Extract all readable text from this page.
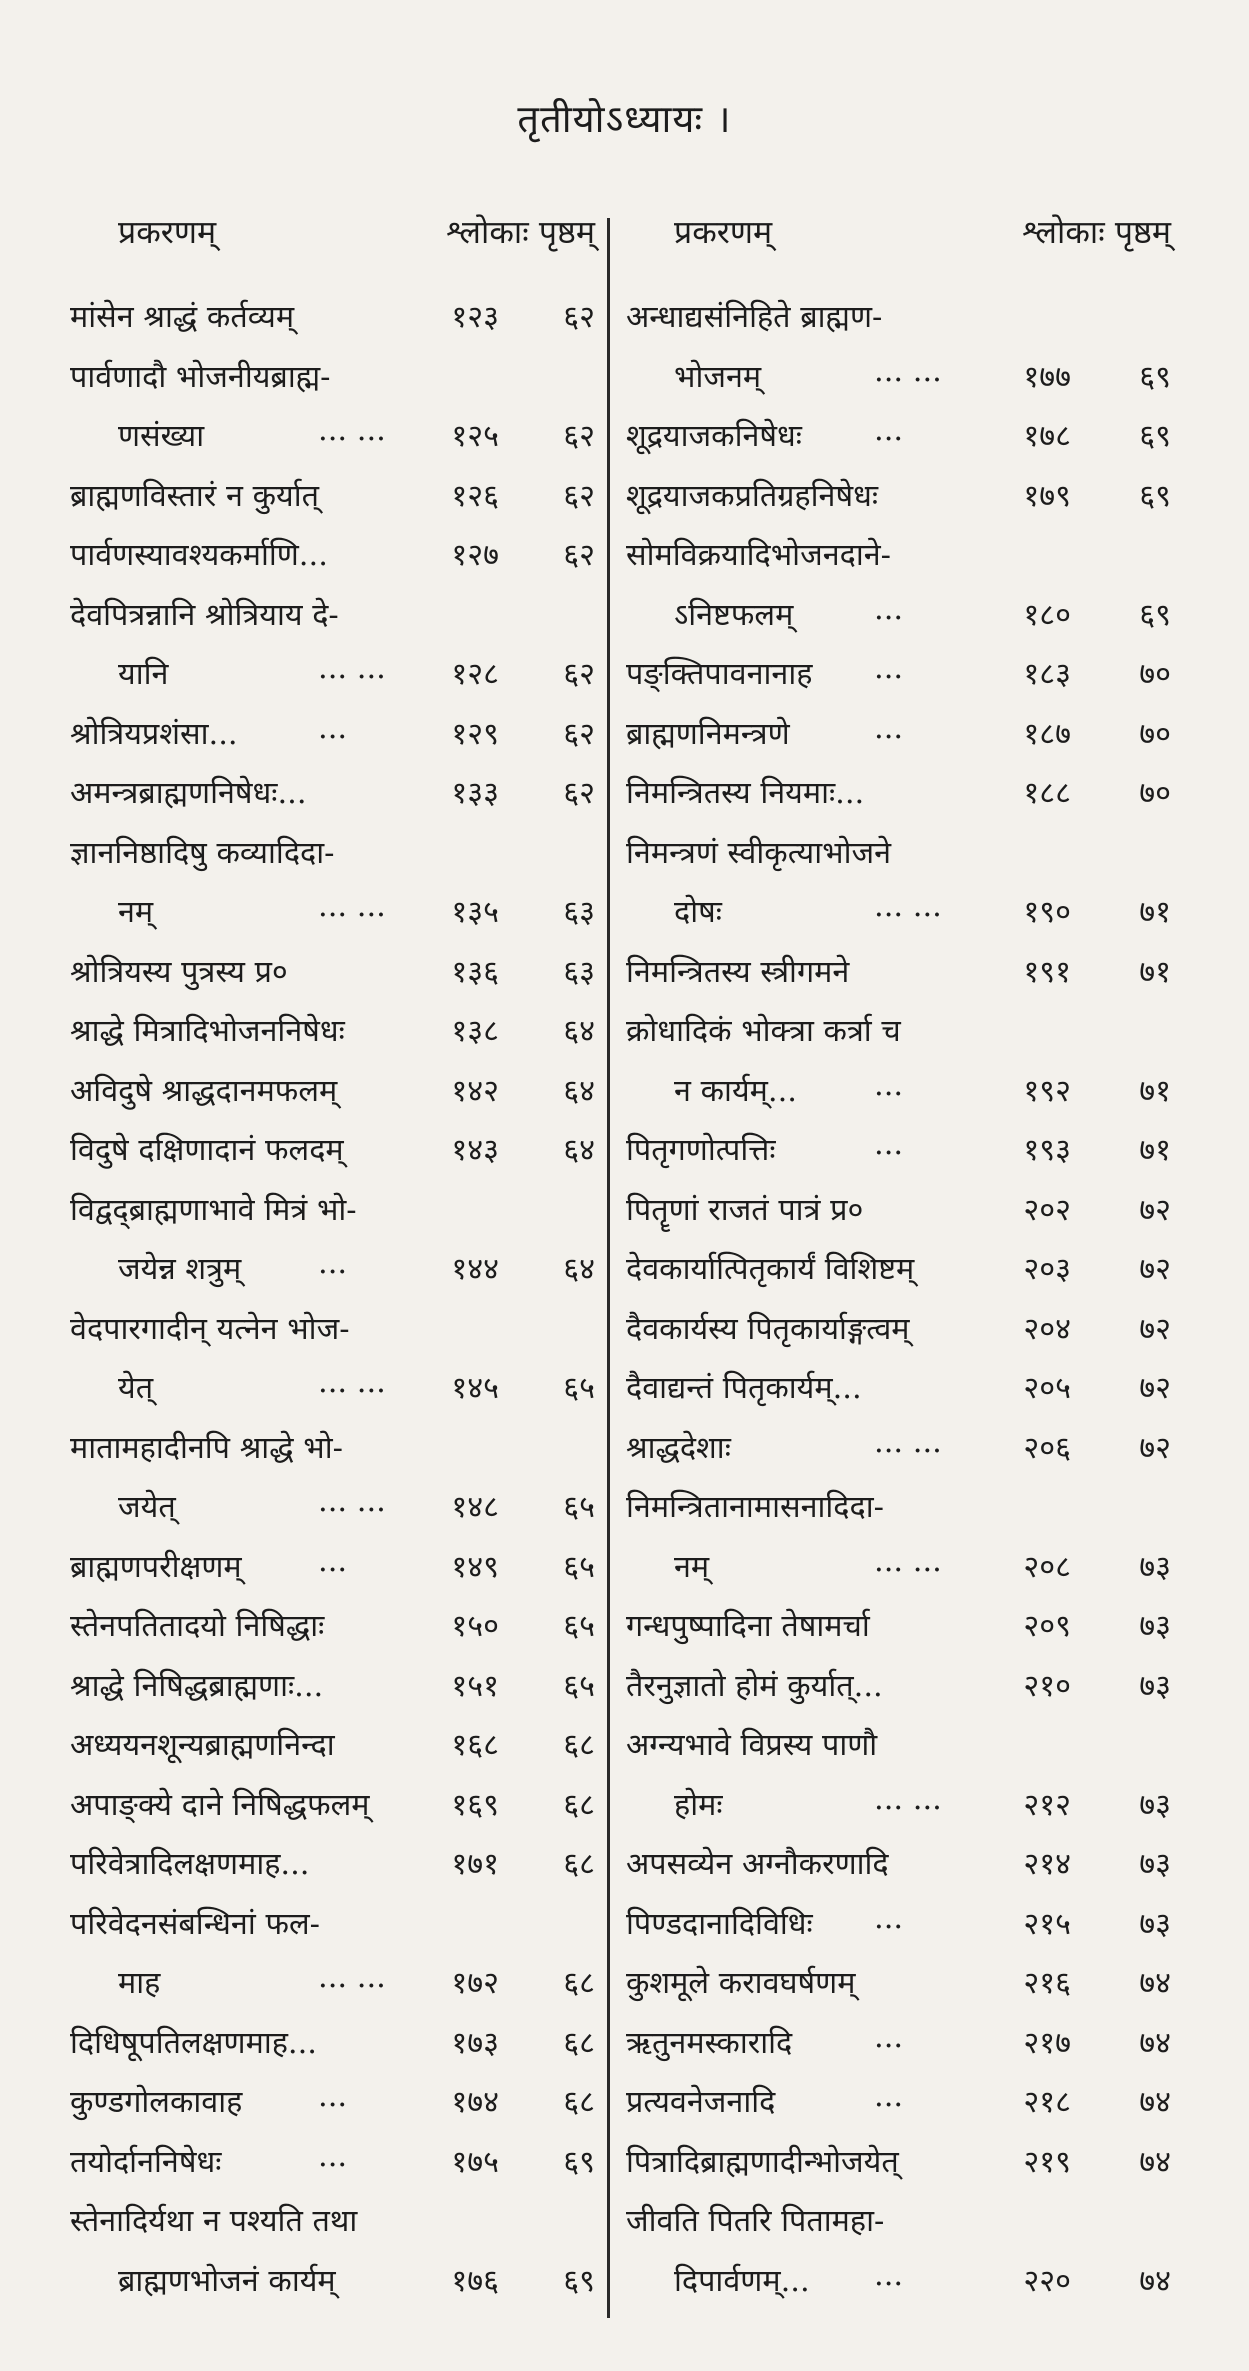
तृतीयोऽध्यायः ।
प्रकरणम्	श्लोकाः पृष्ठम्
मांसेन श्राद्धं कर्तव्यम्	१२३	६२
पार्वणादौ भोजनीयब्राह्म-
णसंख्या	... ...	१२५	६२
ब्राह्मणविस्तारं न कुर्यात्	१२६	६२
पार्वणस्यावश्यकर्माणि...	१२७	६२
देवपित्रन्नानि श्रोत्रियाय दे-
यानि	... ...	१२८	६२
श्रोत्रियप्रशंसा...	...	१२९	६२
अमन्त्रब्राह्मणनिषेधः...	१३३	६२
ज्ञाननिष्ठादिषु कव्यादिदा-
नम्	... ...	१३५	६३
श्रोत्रियस्य पुत्रस्य प्र०	१३६	६३
श्राद्धे मित्रादिभोजननिषेधः	१३८	६४
अविदुषे श्राद्धदानमफलम्	१४२	६४
विदुषे दक्षिणादानं फलदम्	१४३	६४
विद्वद्ब्राह्मणाभावे मित्रं भो-
जयेन्न शत्रुम्	...	१४४	६४
वेदपारगादीन् यत्नेन भोज-
येत्	... ...	१४५	६५
मातामहादीनपि श्राद्धे भो-
जयेत्	... ...	१४८	६५
ब्राह्मणपरीक्षणम्	...	१४९	६५
स्तेनपतितादयो निषिद्धाः	१५०	६५
श्राद्धे निषिद्धब्राह्मणाः...	१५१	६५
अध्ययनशून्यब्राह्मणनिन्दा	१६८	६८
अपाङ्क्ये दाने निषिद्धफलम्	१६९	६८
परिवेत्रादिलक्षणमाह...	१७१	६८
परिवेदनसंबन्धिनां फल-
माह	... ...	१७२	६८
दिधिषूपतिलक्षणमाह...	१७३	६८
कुण्डगोलकावाह ...	१७४	६८
तयोर्दाननिषेधः	...	१७५	६९
स्तेनादिर्यथा न पश्यति तथा
ब्राह्मणभोजनं कार्यम्	१७६	६९
प्रकरणम्	श्लोकाः पृष्ठम्
अन्धाद्यसंनिहिते ब्राह्मण-
भोजनम्	... ...	१७७	६९
शूद्रयाजकनिषेधः ...	१७८	६९
शूद्रयाजकप्रतिग्रहनिषेधः	१७९	६९
सोमविक्रयादिभोजनदाने-
ऽनिष्टफलम्	...	१८०	६९
पङ्क्तिपावनानाह ...	१८३	७०
ब्राह्मणनिमन्त्रणे	...	१८७	७०
निमन्त्रितस्य नियमाः...	१८८	७०
निमन्त्रणं स्वीकृत्याभोजने
दोषः	... ...	१९०	७१
निमन्त्रितस्य स्त्रीगमने	१९१	७१
क्रोधादिकं भोक्त्रा कर्त्रा च
न कार्यम्...	...	१९२	७१
पितृगणोत्पत्तिः	...	१९३	७१
पितॄणां राजतं पात्रं प्र०	२०२	७२
देवकार्यात्पितृकार्यं विशिष्टम्	२०३	७२
दैवकार्यस्य पितृकार्याङ्गत्वम्	२०४	७२
दैवाद्यन्तं पितृकार्यम्...	२०५	७२
श्राद्धदेशाः	... ...	२०६	७२
निमन्त्रितानामासनादिदा-
नम्	... ...	२०८	७३
गन्धपुष्पादिना तेषामर्चा	२०९	७३
तैरनुज्ञातो होमं कुर्यात्...	२१०	७३
अग्न्यभावे विप्रस्य पाणौ
होमः	... ...	२१२	७३
अपसव्येन अग्नौकरणादि	२१४	७३
पिण्डदानादिविधिः ...	२१५	७३
कुशमूले करावघर्षणम्	२१६	७४
ऋतुनमस्कारादि	...	२१७	७४
प्रत्यवनेजनादि	...	२१८	७४
पित्रादिब्राह्मणादीन्भोजयेत्	२१९	७४
जीवति पितरि पितामहा-
दिपार्वणम्... ...	२२०	७४
